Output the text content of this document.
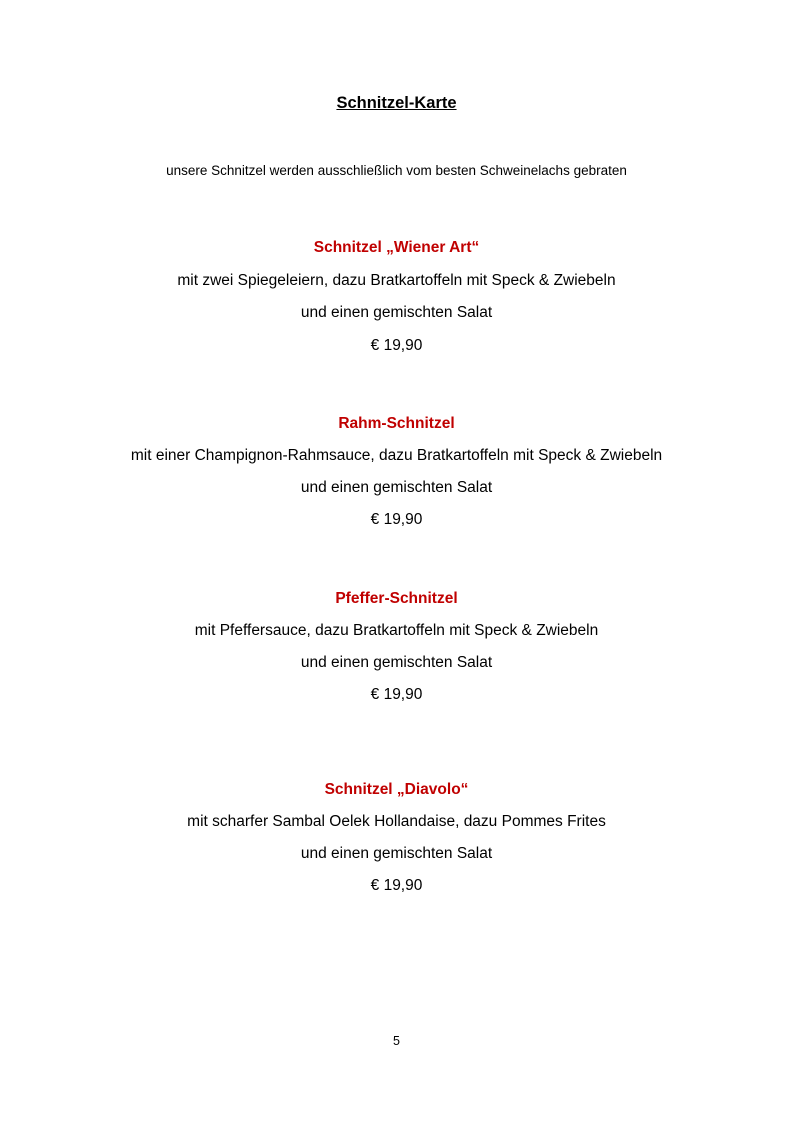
Schnitzel-Karte
unsere Schnitzel werden ausschließlich vom besten Schweinelachs gebraten
Schnitzel „Wiener Art“
mit zwei Spiegeleiern, dazu Bratkartoffeln mit Speck & Zwiebeln
und einen gemischten Salat
€ 19,90
Rahm-Schnitzel
mit einer Champignon-Rahmsauce, dazu Bratkartoffeln mit Speck & Zwiebeln
und einen gemischten Salat
€ 19,90
Pfeffer-Schnitzel
mit Pfeffersauce, dazu Bratkartoffeln mit Speck & Zwiebeln
und einen gemischten Salat
€ 19,90
Schnitzel „Diavolo“
mit scharfer Sambal Oelek Hollandaise, dazu Pommes Frites
und einen gemischten Salat
€ 19,90
5
